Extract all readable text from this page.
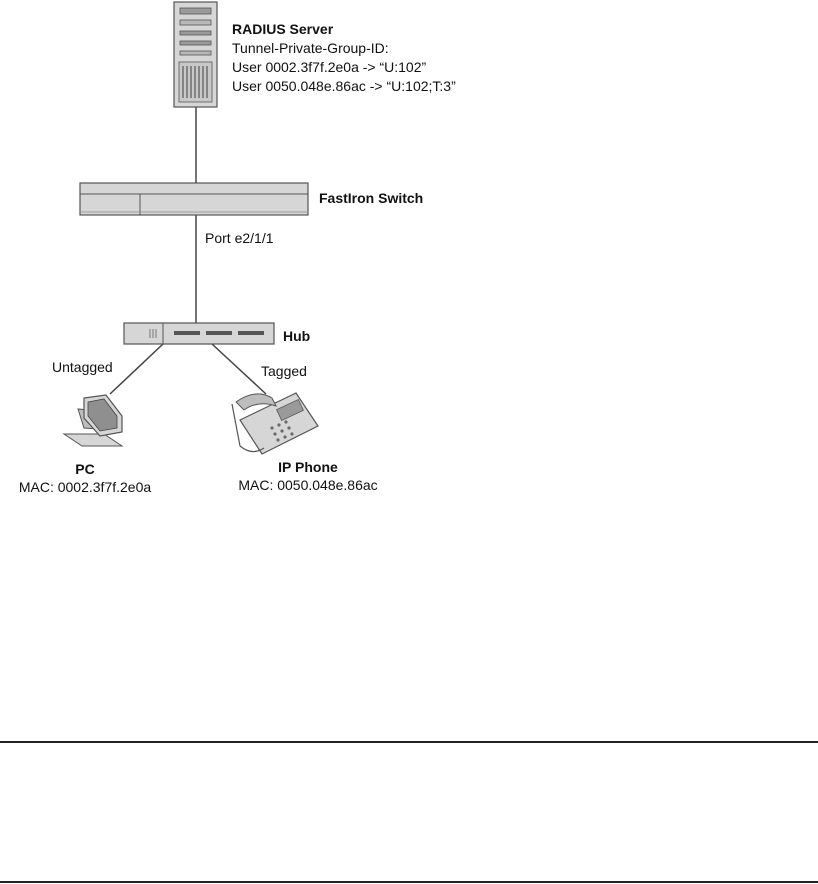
RADIUS Server
Tunnel-Private-Group-ID:
User 0002.3f7f.2e0a -> “U:102”
User 0050.048e.86ac -> “U:102;T:3”
FastIron Switch
Port e2/1/1
Hub
Untagged	Tagged
PC
MAC: 0002.3f7f.2e0a
IP Phone
MAC: 0050.048e.86ac
